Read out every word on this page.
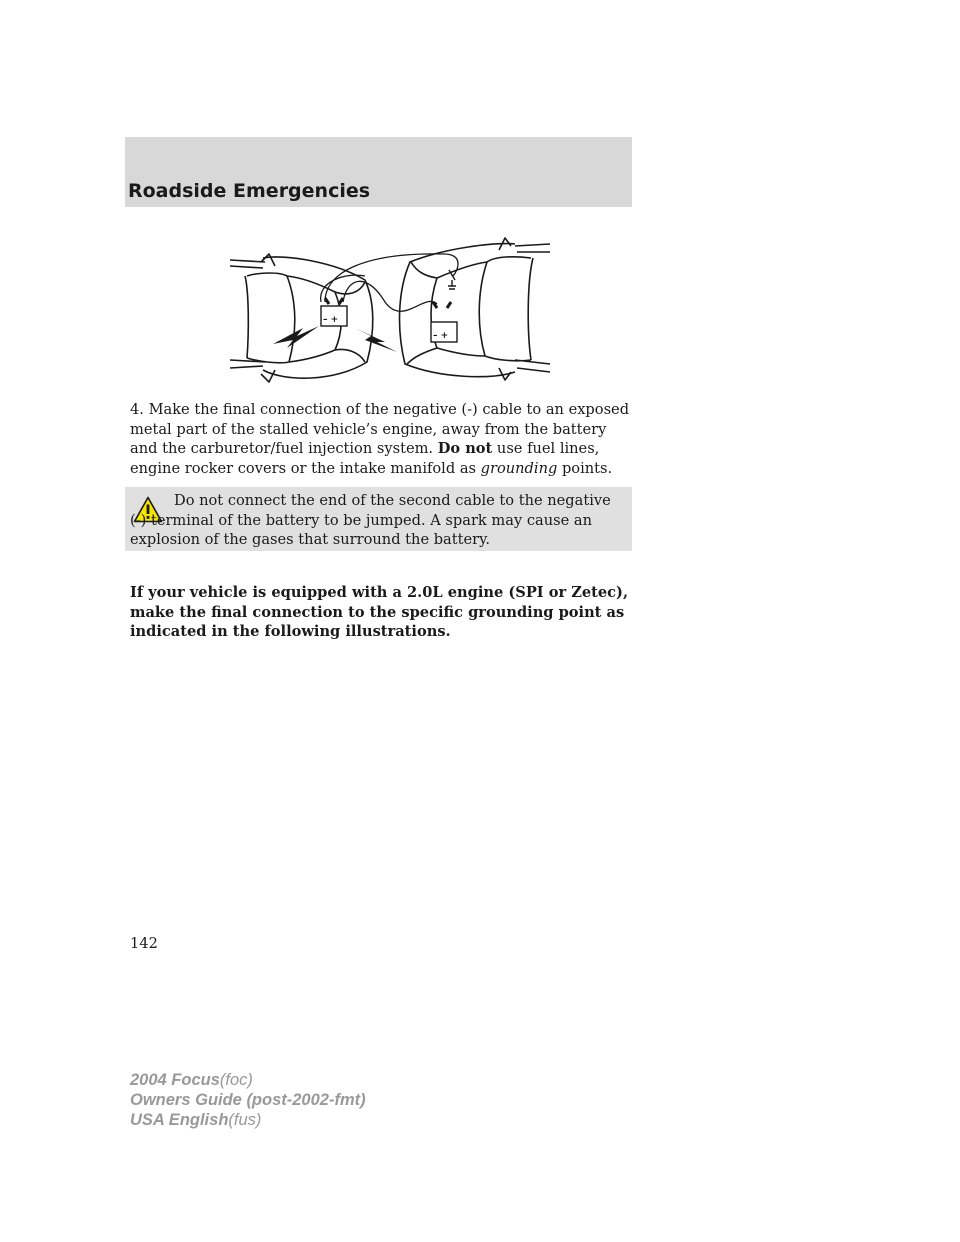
Roadside Emergencies
– +
– +
4. Make the final connection of the negative (-) cable to an exposed metal part of the stalled vehicle’s engine, away from the battery and the carburetor/fuel injection system. Do not use fuel lines, engine rocker covers or the intake manifold as grounding points.
Do not connect the end of the second cable to the negative (-) terminal of the battery to be jumped. A spark may cause an explosion of the gases that surround the battery.
If your vehicle is equipped with a 2.0L engine (SPI or Zetec), make the final connection to the specific grounding point as indicated in the following illustrations.
142
2004 Focus(foc)
Owners Guide (post-2002-fmt)
USA English(fus)
